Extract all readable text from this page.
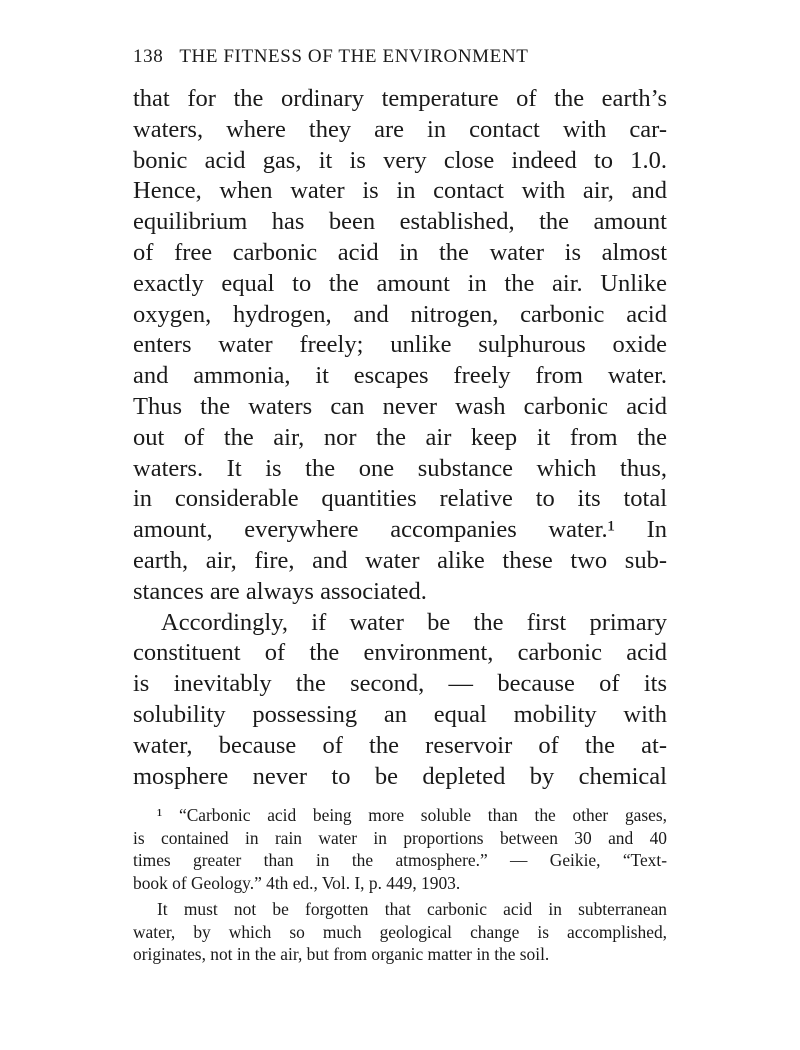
138 THE FITNESS OF THE ENVIRONMENT
that for the ordinary temperature of the earth’s
waters, where they are in contact with car-
bonic acid gas, it is very close indeed to 1.0.
Hence, when water is in contact with air, and
equilibrium has been established, the amount
of free carbonic acid in the water is almost
exactly equal to the amount in the air. Unlike
oxygen, hydrogen, and nitrogen, carbonic acid
enters water freely; unlike sulphurous oxide
and ammonia, it escapes freely from water.
Thus the waters can never wash carbonic acid
out of the air, nor the air keep it from the
waters. It is the one substance which thus,
in considerable quantities relative to its total
amount, everywhere accompanies water.¹ In
earth, air, fire, and water alike these two sub-
stances are always associated.
Accordingly, if water be the first primary
constituent of the environment, carbonic acid
is inevitably the second, — because of its
solubility possessing an equal mobility with
water, because of the reservoir of the at-
mosphere never to be depleted by chemical
¹ “Carbonic acid being more soluble than the other gases,
is contained in rain water in proportions between 30 and 40
times greater than in the atmosphere.” — Geikie, “Text-
book of Geology.” 4th ed., Vol. I, p. 449, 1903.
It must not be forgotten that carbonic acid in subterranean
water, by which so much geological change is accomplished,
originates, not in the air, but from organic matter in the soil.
